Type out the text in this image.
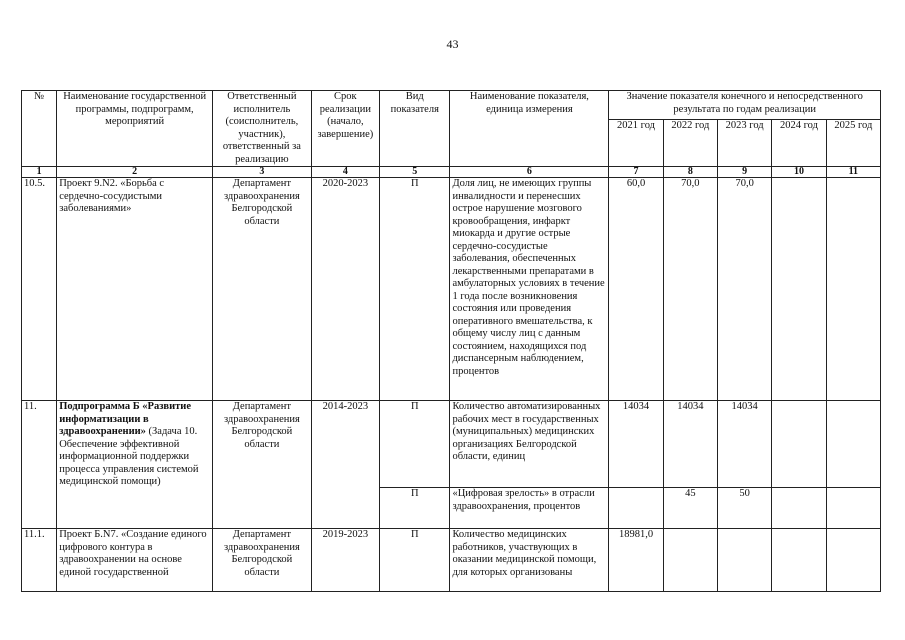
43
№	Наименование государственной программы, подпрограмм, мероприятий	Ответственный исполнитель (соисполнитель, участник), ответственный за реализацию	Срок реализации (начало, завершение)	Вид показателя	Наименование показателя, единица измерения	Значение показателя конечного и непосредственного результата по годам реализации				
						2021 год	2022 год	2023 год	2024 год	2025 год
1	2	3	4	5	6	7	8	9	10	11
10.5.	Проект 9.N2. «Борьба с сердечно-сосудистыми заболеваниями»	Департамент здравоохранения Белгородской области	2020-2023	П	Доля лиц, не имеющих группы инвалидности и перенесших острое нарушение мозгового кровообращения, инфаркт миокарда и другие острые сердечно-сосудистые заболевания, обеспеченных лекарственными препаратами в амбулаторных условиях в течение 1 года после возникновения состояния или проведения оперативного вмешательства, к общему числу лиц с данным состоянием, находящихся под диспансерным наблюдением, процентов	60,0	70,0	70,0		
11.	Подпрограмма Б «Развитие информатизации в здравоохранении» (Задача 10. Обеспечение эффективной информационной поддержки процесса управления системой медицинской помощи)	Департамент здравоохранения Белгородской области	2014-2023	П	Количество автоматизированных рабочих мест в государственных (муниципальных) медицинских организациях Белгородской области, единиц	14034	14034	14034		
				П	«Цифровая зрелость» в отрасли здравоохранения, процентов		45	50		
11.1.	Проект Б.N7. «Создание единого цифрового контура в здравоохранении на основе единой государственной	Департамент здравоохранения Белгородской области	2019-2023	П	Количество медицинских работников, участвующих в оказании медицинской помощи, для которых организованы	18981,0				
